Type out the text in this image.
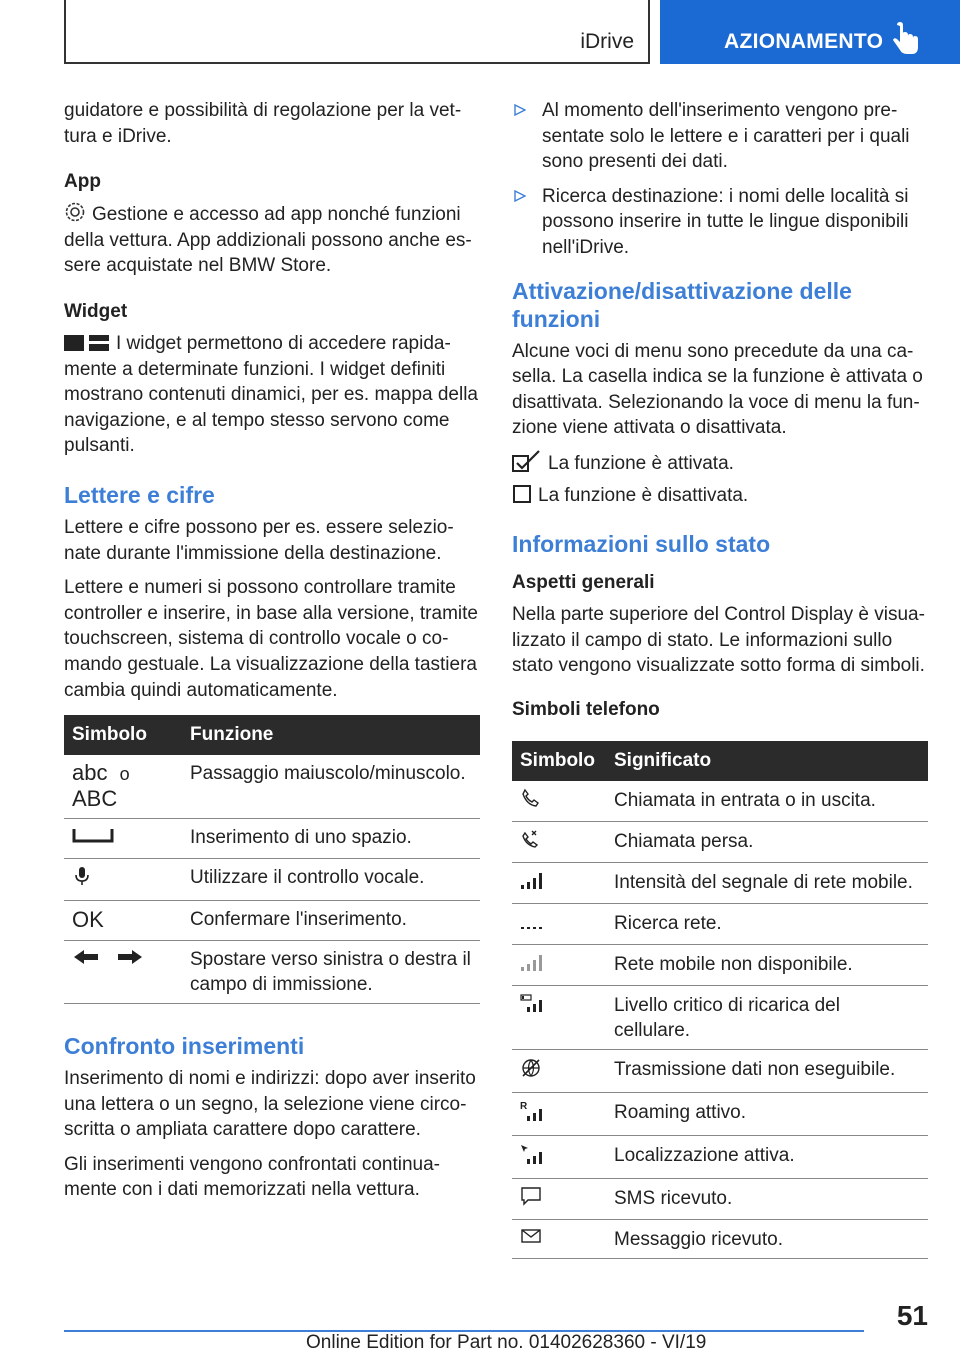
iDrive	AZIONAMENTO

guidatore e possibilità di regolazione per la vettura e iDrive.

App

Gestione e accesso ad app nonché funzioni della vettura. App addizionali possono anche essere acquistate nel BMW Store.

Widget

I widget permettono di accedere rapidamente a determinate funzioni. I widget definiti mostrano contenuti dinamici, per es. mappa della navigazione, e al tempo stesso servono come pulsanti.

Lettere e cifre

Lettere e cifre possono per es. essere selezionate durante l'immissione della destinazione.

Lettere e numeri si possono controllare tramite controller e inserire, in base alla versione, tramite touchscreen, sistema di controllo vocale o comando gestuale. La visualizzazione della tastiera cambia quindi automaticamente.

Simbolo	Funzione

abc o
ABC	Passaggio maiuscolo/minuscolo.
	Inserimento di uno spazio.
	Utilizzare il controllo vocale.
OK	Confermare l'inserimento.
	Spostare verso sinistra o destra il campo di immissione.
Confronto inserimenti

Inserimento di nomi e indirizzi: dopo aver inserito una lettera o un segno, la selezione viene circoscritta o ampliata carattere dopo carattere.

Gli inserimenti vengono confrontati continuamente con i dati memorizzati nella vettura.

Al momento dell'inserimento vengono presentate solo le lettere e i caratteri per i quali sono presenti dei dati.
Ricerca destinazione: i nomi delle località si possono inserire in tutte le lingue disponibili nell'iDrive.
Attivazione/disattivazione delle funzioni

Alcune voci di menu sono precedute da una casella. La casella indica se la funzione è attivata o disattivata. Selezionando la voce di menu la funzione viene attivata o disattivata.

La funzione è attivata.
La funzione è disattivata.
Informazioni sullo stato
Aspetti generali

Nella parte superiore del Control Display è visualizzato il campo di stato. Le informazioni sullo stato vengono visualizzate sotto forma di simboli.

Simboli telefono
Simbolo	Significato
	Chiamata in entrata o in uscita.
	Chiamata persa.
	Intensità del segnale di rete mobile.
	Ricerca rete.
	Rete mobile non disponibile.
	Livello critico di ricarica del cellulare.
	Trasmissione dati non eseguibile.

R	Roaming attivo.
	Localizzazione attiva.
	SMS ricevuto.
	Messaggio ricevuto.
51
Online Edition for Part no. 01402628360 - VI/19
